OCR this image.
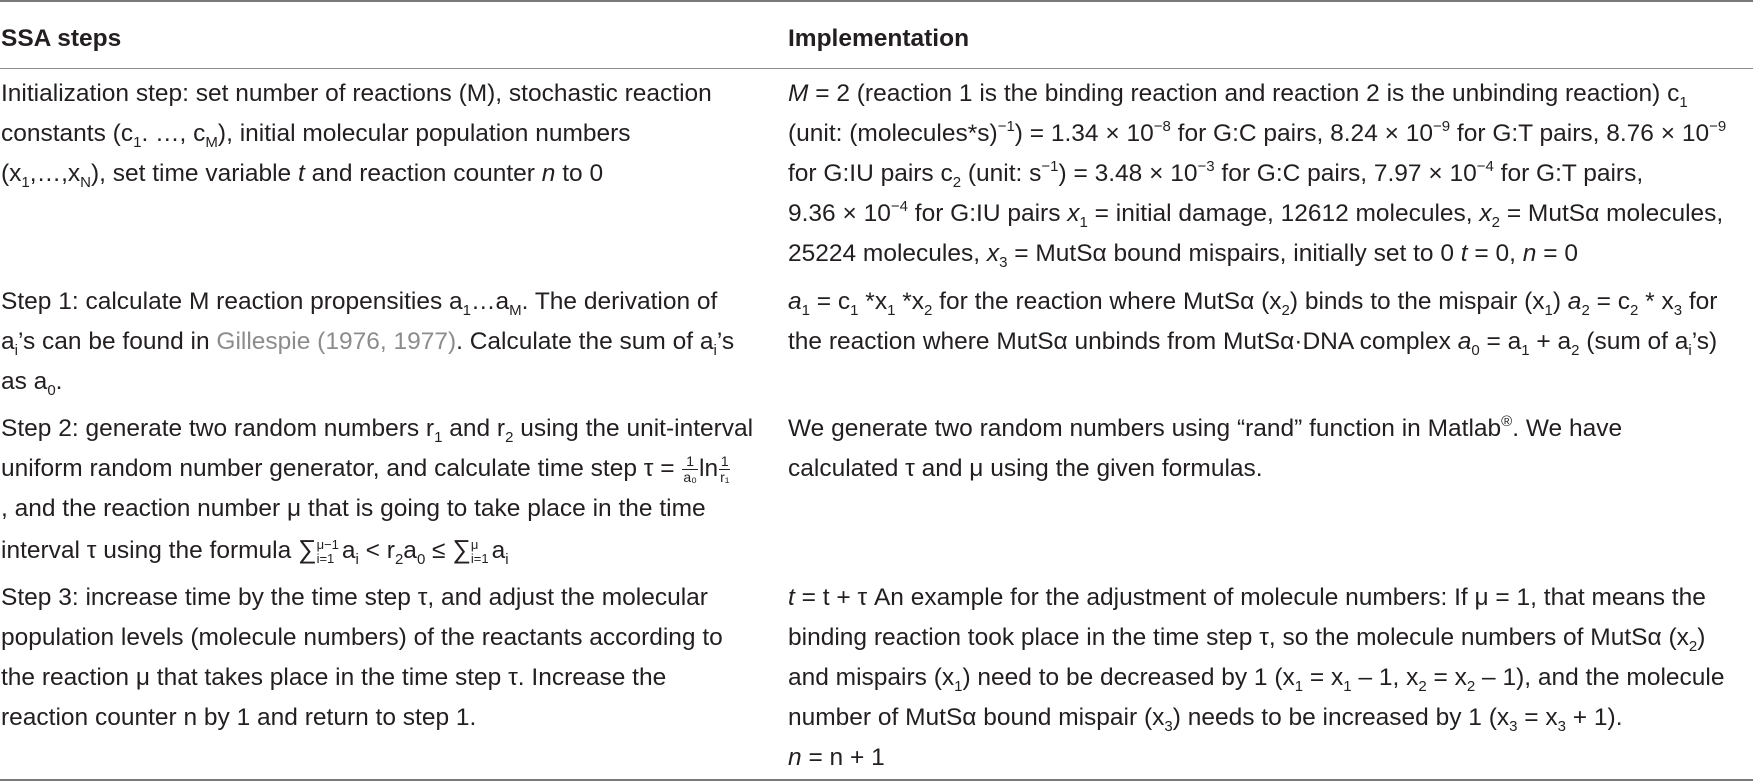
SSA steps	Implementation
Initialization step: set number of reactions (M), stochastic reaction
constants ($c_1$. …, $c_M$), initial molecular population numbers
$(x_1,\dots,x_N)$, set time variable t and reaction counter n to 0
M = 2 (reaction 1 is the binding reaction and reaction 2 is the unbinding reaction) $c_1$
(unit: (molecules*s)$^{-1}$) = $1.34 \times 10^{-8}$ for G:C pairs, $8.24 \times 10^{-9}$ for G:T pairs, $8.76 \times 10^{-9}$
for G:IU pairs $c_2$ (unit: $s^{-1}) = 3.48 \times 10^{-3}$ for G:C pairs, $7.97 \times 10^{-4}$ for G:T pairs,
$9.36 \times 10^{-4}$ for G:IU pairs $x_1$ = initial damage, 12612 molecules, $x_2$ = MutSα molecules,
25224 molecules, $x_3$ = MutSα bound mispairs, initially set to 0 t = 0, n = 0
Step 1: calculate M reaction propensities $a_1\dots a_M$. The derivation of
$a_i’s$ can be found in Gillespie (1976, 1977). Calculate the sum of $a_i’s$
as $a_0$.
$a_1 = c_1$ $*x_1$ $*x_2$ for the reaction where MutSα $(x_2)$ binds to the mispair $(x_1) a_2 = c_2 * x_3$ for
the reaction where MutSα unbinds from MutSα·DNA complex $a_0 = a_1 + a_2$ (sum of $a_i’s$)
Step 2: generate two random numbers $r_1$ and $r_2$ using the unit-interval
uniform random number generator, and calculate time step $\tau = \frac{1}{\text{a₀}}$ $\ln \frac{1}{\text{r₁}}$
, and the reaction number μ that is going to take place in the time
interval τ using the formula ∑ μ−1
i=1 $a_i < r_2a_0$ ≤ ∑ μ
i=1 $a_i$
We generate two random numbers using “rand” function in Matlab®. We have
calculated τ and μ using the given formulas.
Step 3: increase time by the time step τ, and adjust the molecular
population levels (molecule numbers) of the reactants according to
the reaction μ that takes place in the time step τ. Increase the
reaction counter n by 1 and return to step 1.
t = t + τ An example for the adjustment of molecule numbers: If μ = 1, that means the
binding reaction took place in the time step τ, so the molecule numbers of MutSα $(x_2)$
and mispairs $(x_1)$ need to be decreased by 1 ($x_1 = x_1 - 1$, $x_2 = x_2 - 1$), and the molecule
number of MutSα bound mispair $(x_3)$ needs to be increased by 1 $(x_3 = x_3 + 1)$.
n = n + 1
